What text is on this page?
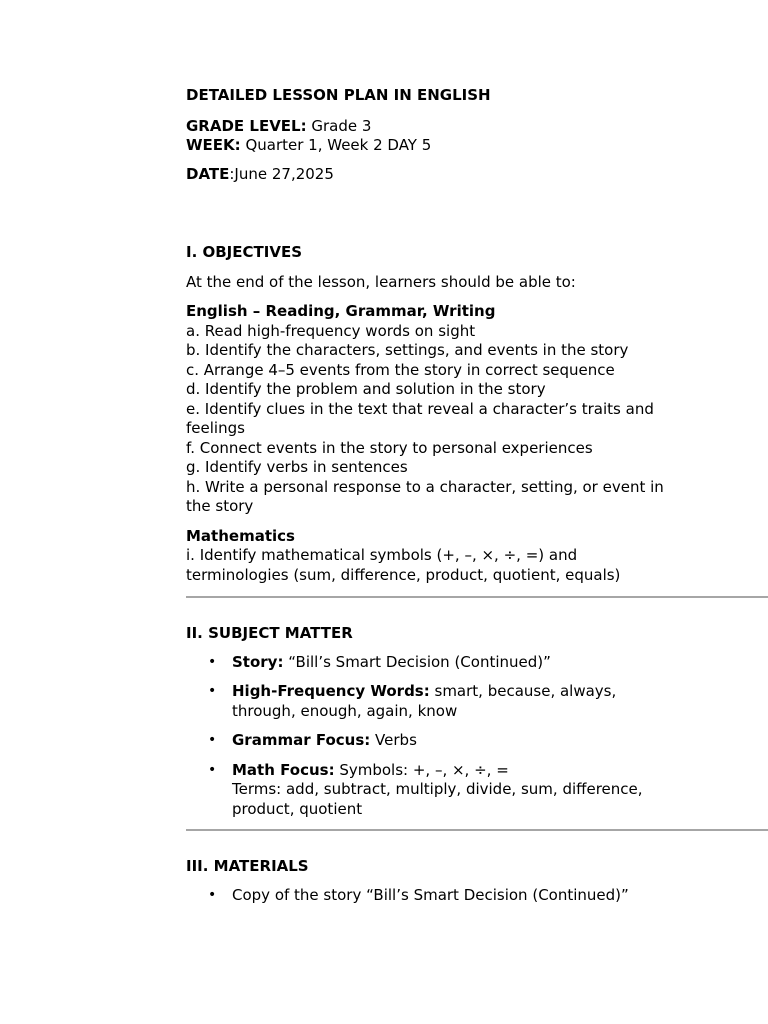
DETAILED LESSON PLAN IN ENGLISH
GRADE LEVEL: Grade 3
WEEK: Quarter 1, Week 2 DAY 5
DATE:June 27,2025
I. OBJECTIVES
At the end of the lesson, learners should be able to:
English – Reading, Grammar, Writing
a. Read high-frequency words on sight
b. Identify the characters, settings, and events in the story
c. Arrange 4–5 events from the story in correct sequence
d. Identify the problem and solution in the story
e. Identify clues in the text that reveal a character’s traits and feelings
f. Connect events in the story to personal experiences
g. Identify verbs in sentences
h. Write a personal response to a character, setting, or event in the story
Mathematics
i. Identify mathematical symbols (+, –, ×, ÷, =) and terminologies (sum, difference, product, quotient, equals)
II. SUBJECT MATTER
• Story: “Bill’s Smart Decision (Continued)”
• High-Frequency Words: smart, because, always, through, enough, again, know
• Grammar Focus: Verbs
• Math Focus: Symbols: +, –, ×, ÷, =
Terms: add, subtract, multiply, divide, sum, difference, product, quotient
III. MATERIALS
• Copy of the story “Bill’s Smart Decision (Continued)”
